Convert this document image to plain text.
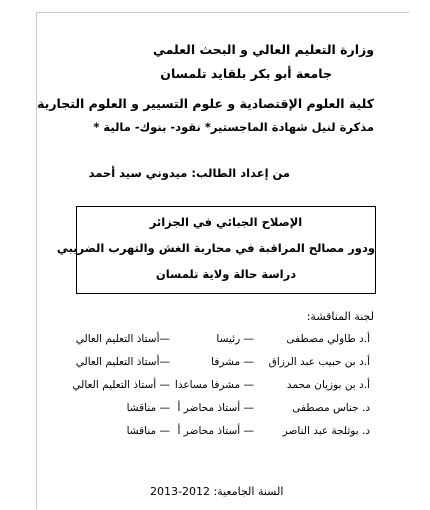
وزارة التعليم العالي و البحث العلمي
جامعة أبو بكر بلقايد تلمسان
كلية العلوم الإقتصادية و علوم التسيير و العلوم التجارية
مذكرة لنيل شهادة الماجستير* نقود- بنوك- مالية *
من إعداد الطالب: ميدوني سيد أحمد
الإصلاح الجبائي في الجزائر
ودور مصالح المراقبة في محاربة الغش والتهرب الضريبي
دراسة حالة ولاية تلمسان
لجنة المناقشة:
أ.د طاولي مصطفى
— رئيسا
—أستاذ التعليم العالي
أ.د بن حبيب عبد الرزاق
— مشرفا
—أستاذ التعليم العالي
أ.د بن بوزيان محمد
— مشرفا مساعدا
— أستاذ التعليم العالي
د. جناس مصطفى
— أستاذ محاضر أ
— مناقشا
د. بوثلجة عبد الناصر
— أستاذ محاضر أ
— مناقشا
السنة الجامعية: 2012-2013
